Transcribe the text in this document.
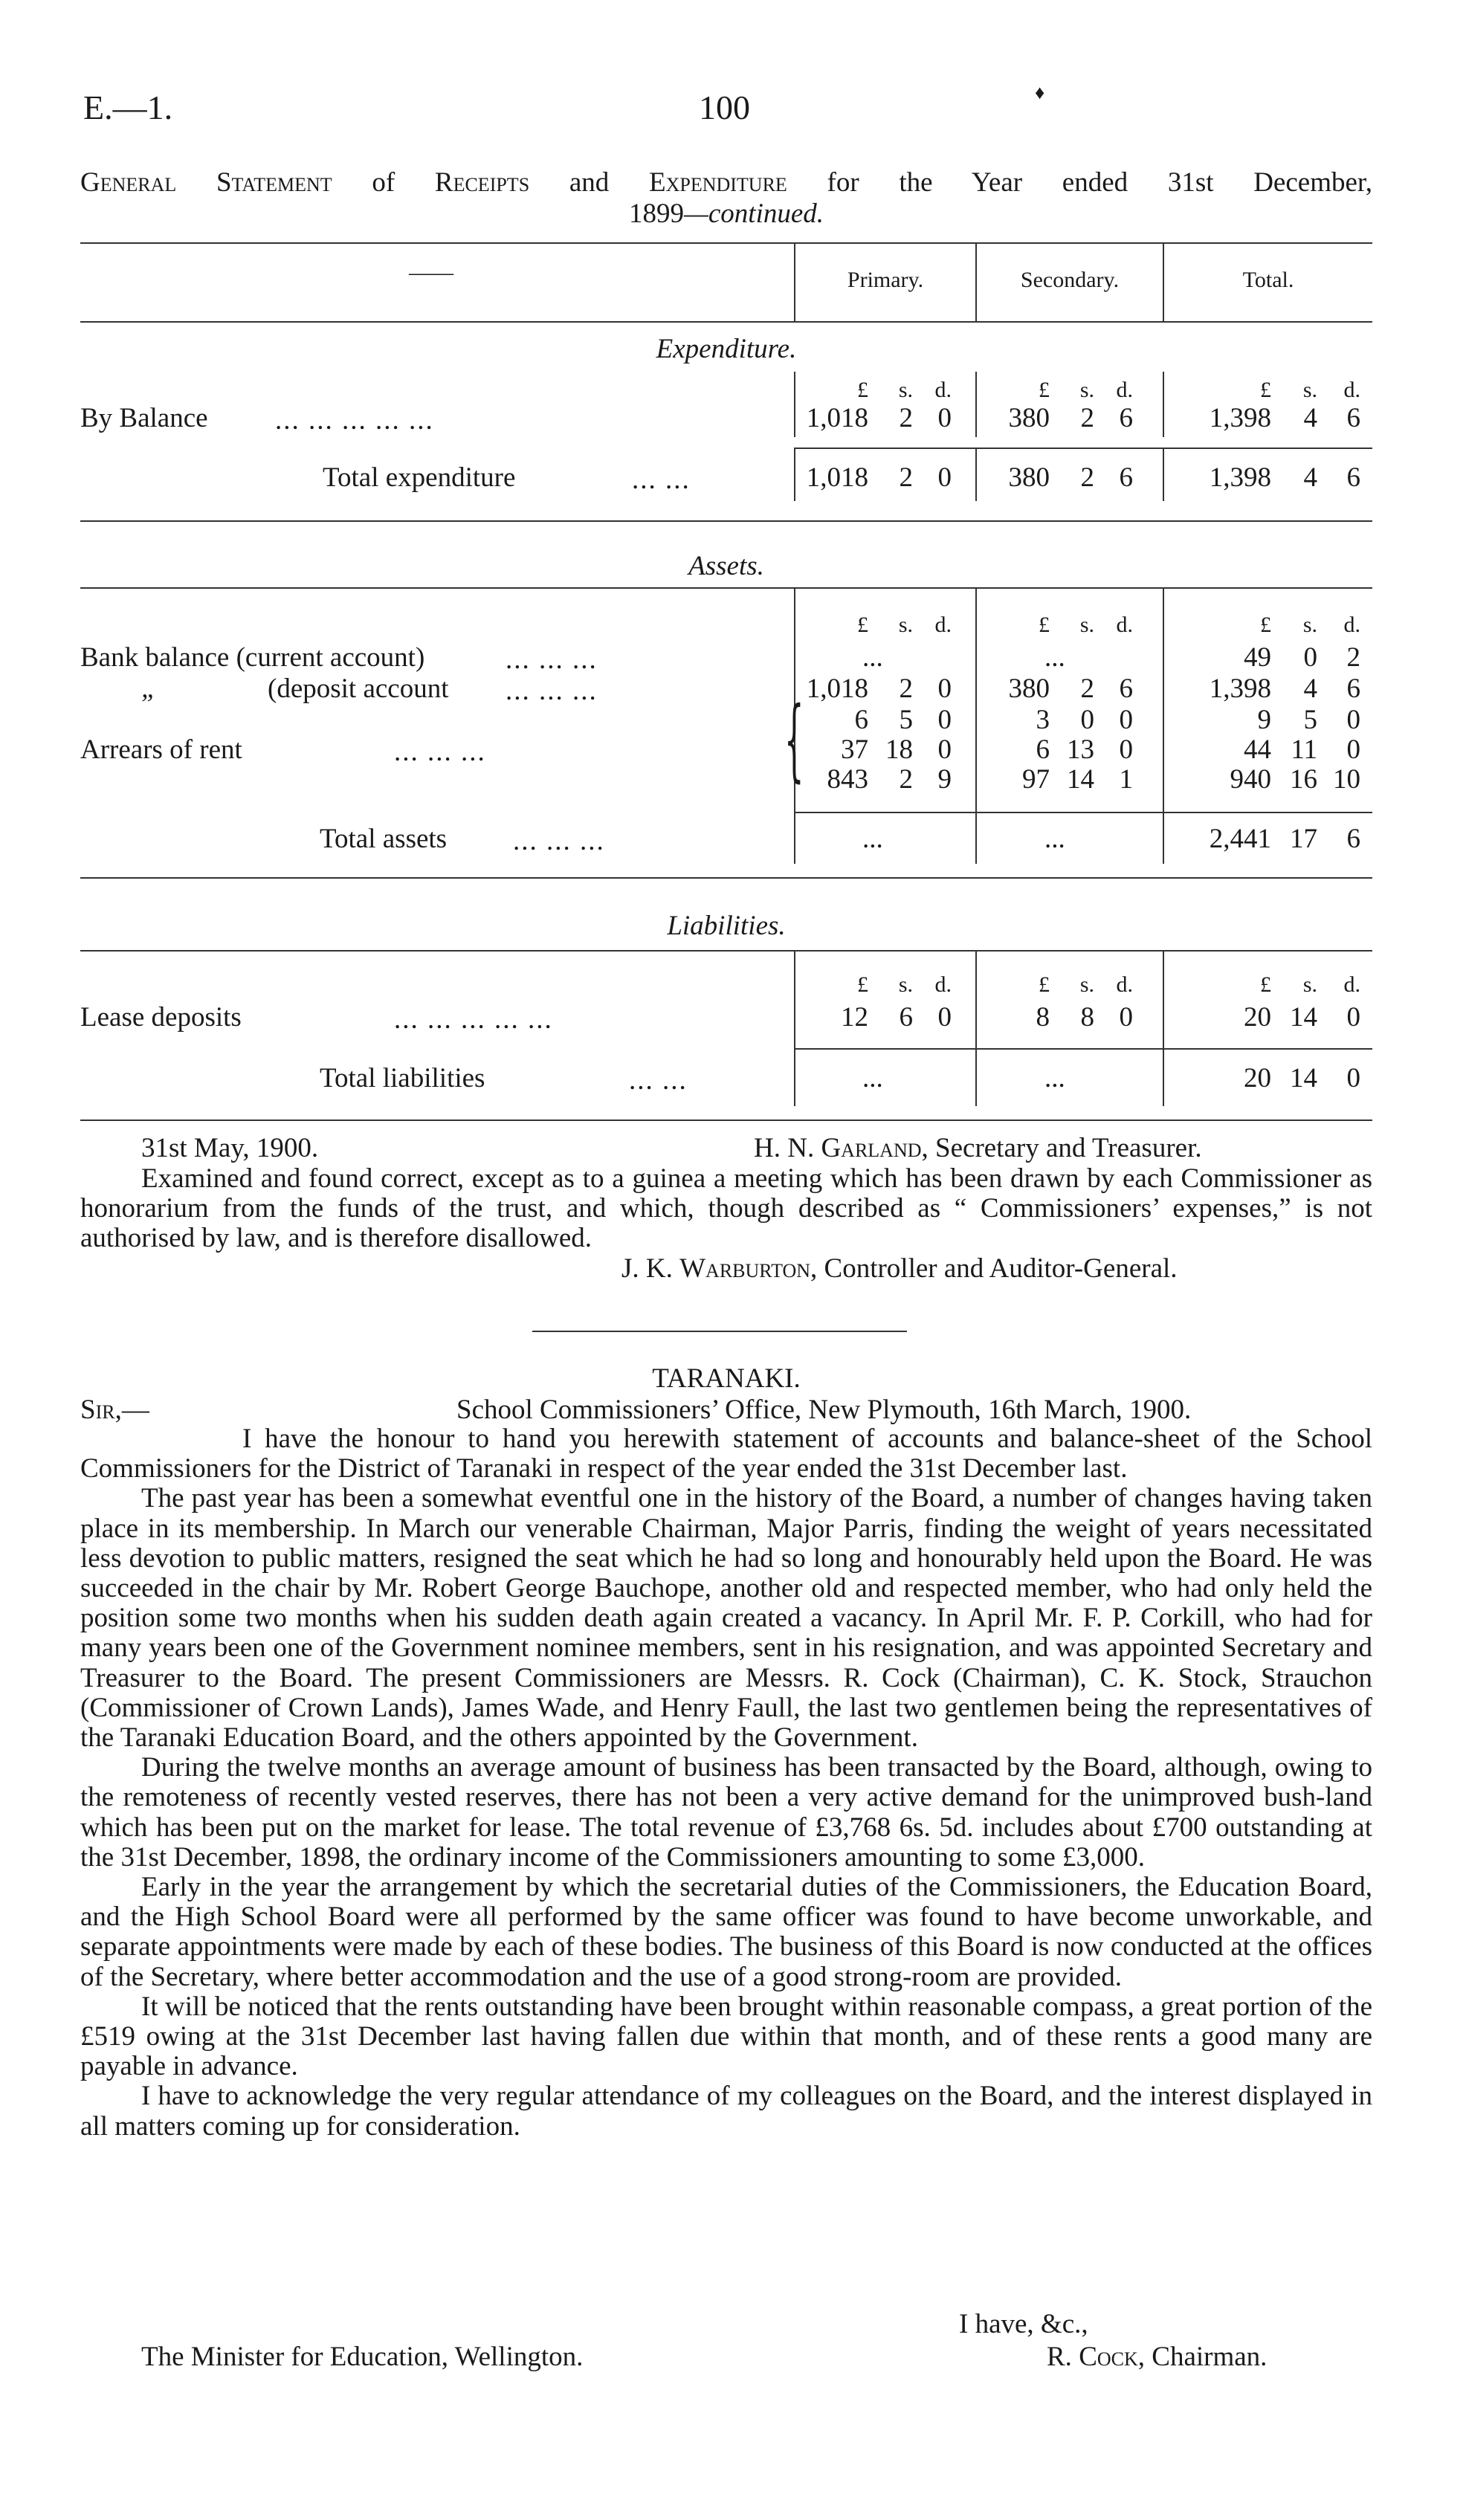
E.—1.	100	♦
General Statement of Receipts and Expenditure for the Year ended 31st December,
1899—continued.
——	Primary.	Secondary.	Total.
Expenditure.
£	s. d.	£	s. d.	£	s.	d.
By Balance ... ... ... ... ...	1,018	2 0	380	2 6	1,398	4	6
Total expenditure	... ...	1,018	2 0	380	2 6	1,398	4	6
Assets.
£	s. d.	£	s. d.	£	s.	d.
Bank balance (current account)	... ... ...	...	...	49	0	2
„	(deposit account ... ... ...	1,018	2 0	380	2 6	1,398	4	6
{	6	5 0	3	0 0	9	5	0
Arrears of rent	... ... ...	37 18 0	6 13 0	44 11	0
843	2 9	97 14 1	940 16 10
Total assets ... ... ...	...	...	2,441 17	6
Liabilities.
£	s. d.	£	s. d.	£	s.	d.
Lease deposits	... ... ... ... ...	12	6 0	8	8 0	20 14	0
Total liabilities	... ...	...	...	20 14	0
31st May, 1900.	H. N. Garland, Secretary and Treasurer.

Examined and found correct, except as to a guinea a meeting which has been drawn by each Commissioner as honorarium from the funds of the trust, and which, though described as “ Commissioners’ expenses,” is not authorised by law, and is therefore disallowed.

J. K. Warburton, Controller and Auditor-General.
TARANAKI.
Sir,—	School Commissioners’ Office, New Plymouth, 16th March, 1900.

I have the honour to hand you herewith statement of accounts and balance-sheet of the School Commissioners for the District of Taranaki in respect of the year ended the 31st December last.

The past year has been a somewhat eventful one in the history of the Board, a number of changes having taken place in its membership. In March our venerable Chairman, Major Parris, finding the weight of years necessitated less devotion to public matters, resigned the seat which he had so long and honourably held upon the Board. He was succeeded in the chair by Mr. Robert George Bauchope, another old and respected member, who had only held the position some two months when his sudden death again created a vacancy. In April Mr. F. P. Corkill, who had for many years been one of the Government nominee members, sent in his resignation, and was appointed Secretary and Treasurer to the Board. The present Commissioners are Messrs. R. Cock (Chairman), C. K. Stock, Strauchon (Commissioner of Crown Lands), James Wade, and Henry Faull, the last two gentlemen being the representatives of the Taranaki Education Board, and the others appointed by the Government.

During the twelve months an average amount of business has been transacted by the Board, although, owing to the remoteness of recently vested reserves, there has not been a very active demand for the unimproved bush-land which has been put on the market for lease. The total revenue of £3,768 6s. 5d. includes about £700 outstanding at the 31st December, 1898, the ordinary income of the Commissioners amounting to some £3,000.

Early in the year the arrangement by which the secretarial duties of the Commissioners, the Education Board, and the High School Board were all performed by the same officer was found to have become unworkable, and separate appointments were made by each of these bodies. The business of this Board is now conducted at the offices of the Secretary, where better accommodation and the use of a good strong-room are provided.

It will be noticed that the rents outstanding have been brought within reasonable compass, a great portion of the £519 owing at the 31st December last having fallen due within that month, and of these rents a good many are payable in advance.

I have to acknowledge the very regular attendance of my colleagues on the Board, and the interest displayed in all matters coming up for consideration.

I have, &c.,
The Minister for Education, Wellington.	R. Cock, Chairman.
